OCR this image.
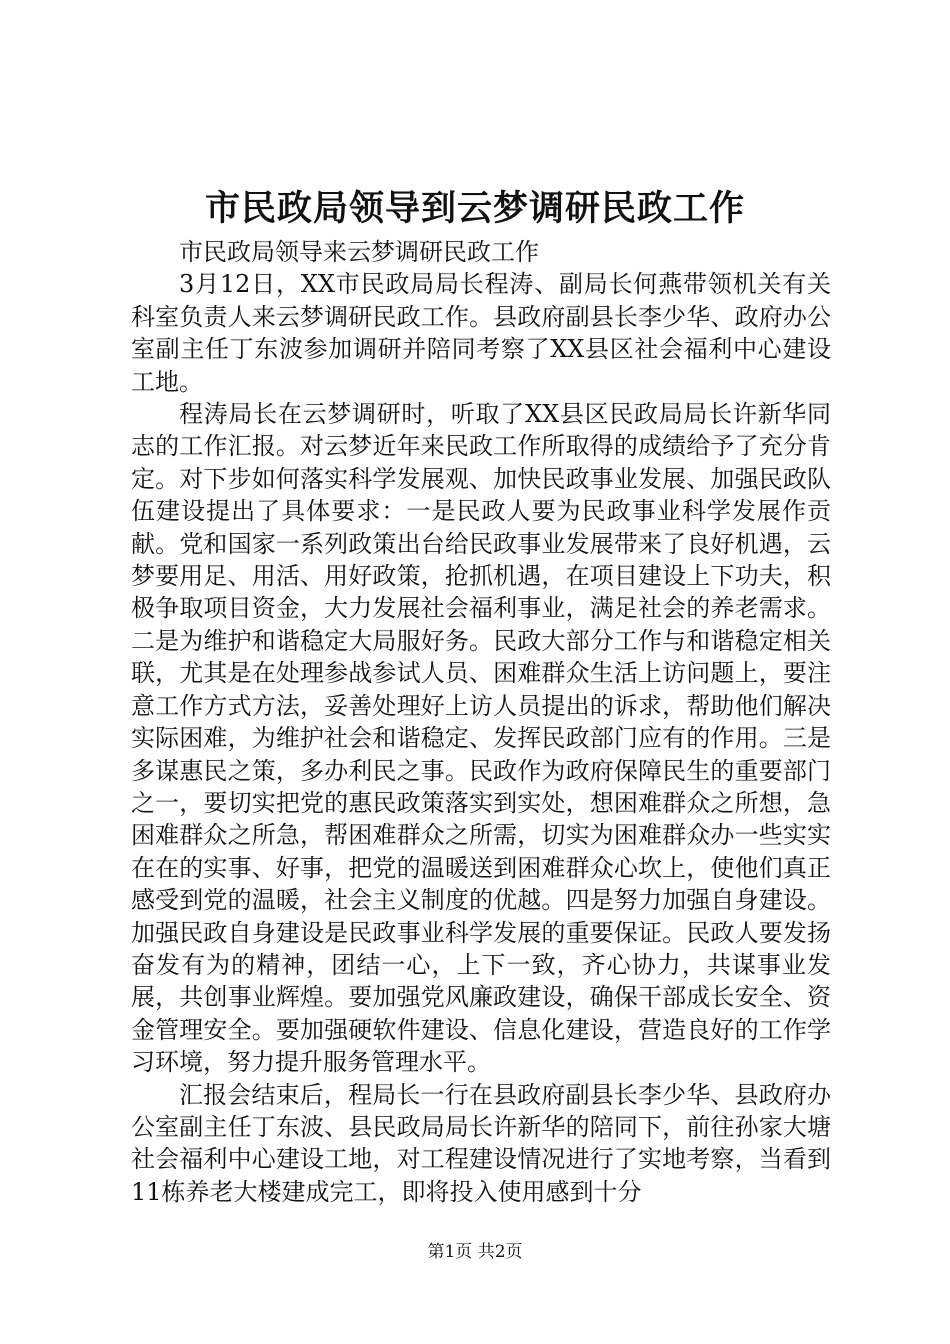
市民政局领导到云梦调研民政工作

市民政局领导来云梦调研民政工作

3月12日，XX市民政局局长程涛、副局长何燕带领机关有关科室负责人来云梦调研民政工作。县政府副县长李少华、政府办公室副主任丁东波参加调研并陪同考察了XX县区社会福利中心建设工地。

程涛局长在云梦调研时，听取了XX县区民政局局长许新华同志的工作汇报。对云梦近年来民政工作所取得的成绩给予了充分肯定。对下步如何落实科学发展观、加快民政事业发展、加强民政队伍建设提出了具体要求：一是民政人要为民政事业科学发展作贡献。党和国家一系列政策出台给民政事业发展带来了良好机遇，云梦要用足、用活、用好政策，抢抓机遇，在项目建设上下功夫，积极争取项目资金，大力发展社会福利事业，满足社会的养老需求。二是为维护和谐稳定大局服好务。民政大部分工作与和谐稳定相关联，尤其是在处理参战参试人员、困难群众生活上访问题上，要注意工作方式方法，妥善处理好上访人员提出的诉求，帮助他们解决实际困难，为维护社会和谐稳定、发挥民政部门应有的作用。三是多谋惠民之策，多办利民之事。民政作为政府保障民生的重要部门之一，要切实把党的惠民政策落实到实处，想困难群众之所想，急困难群众之所急，帮困难群众之所需，切实为困难群众办一些实实在在的实事、好事，把党的温暖送到困难群众心坎上，使他们真正感受到党的温暖，社会主义制度的优越。四是努力加强自身建设。加强民政自身建设是民政事业科学发展的重要保证。民政人要发扬奋发有为的精神，团结一心，上下一致，齐心协力，共谋事业发展，共创事业辉煌。要加强党风廉政建设，确保干部成长安全、资金管理安全。要加强硬软件建设、信息化建设，营造良好的工作学习环境，努力提升服务管理水平。

汇报会结束后，程局长一行在县政府副县长李少华、县政府办公室副主任丁东波、县民政局局长许新华的陪同下，前往孙家大塘社会福利中心建设工地，对工程建设情况进行了实地考察，当看到11栋养老大楼建成完工，即将投入使用感到十分

第1页 共2页
